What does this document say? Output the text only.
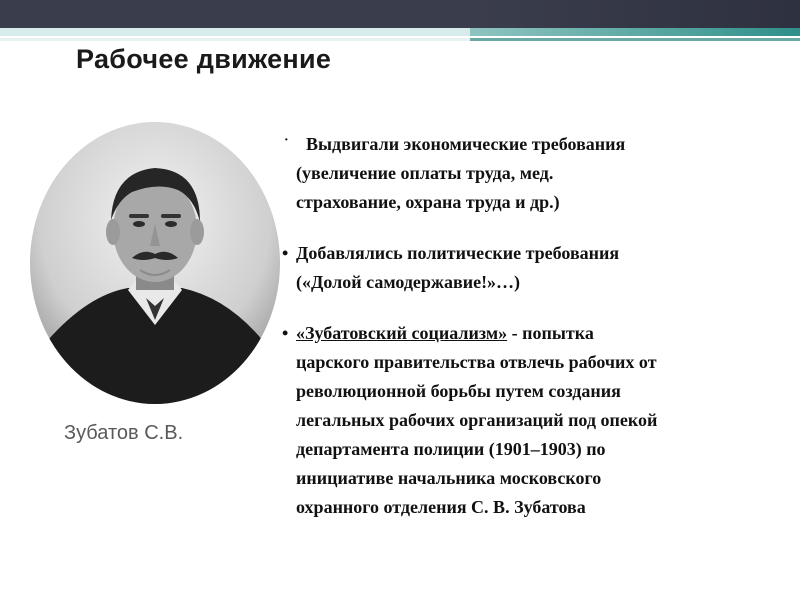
Рабочее движение
Зубатов С.В.
· Выдвигали экономические требования
(увеличение оплаты труда, мед.
страхование, охрана труда и др.)
• Добавлялись политические требования
(«Долой самодержавие!»…)
• «Зубатовский социализм» - попытка
царского правительства отвлечь рабочих от
революционной борьбы путем создания
легальных рабочих организаций под опекой
департамента полиции (1901–1903) по
инициативе начальника московского
охранного отделения С. В. Зубатова
